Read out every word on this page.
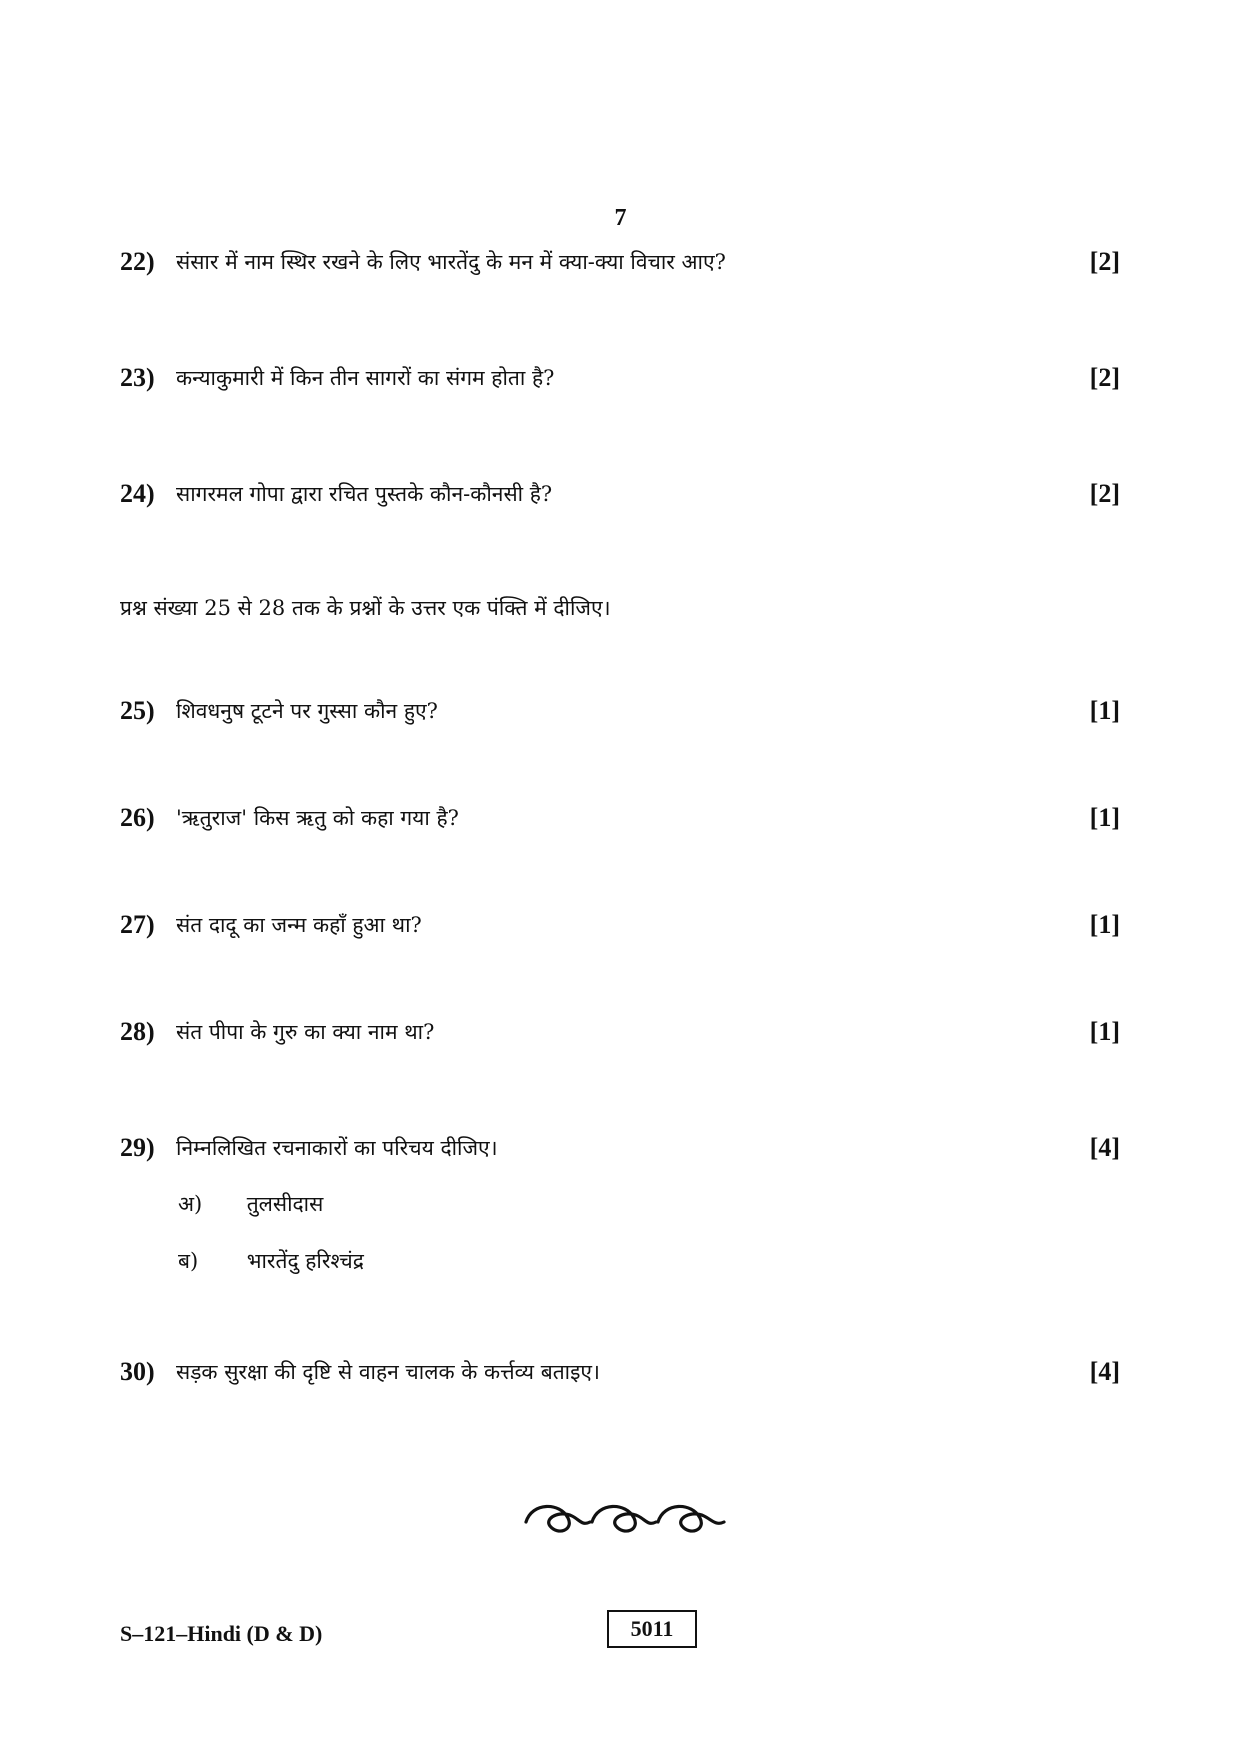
7
22) संसार में नाम स्थिर रखने के लिए भारतेंदु के मन में क्या-क्या विचार आए?	[2]
23) कन्याकुमारी में किन तीन सागरों का संगम होता है?	[2]
24) सागरमल गोपा द्वारा रचित पुस्तके कौन-कौनसी है?	[2]
प्रश्न संख्या 25 से 28 तक के प्रश्नों के उत्तर एक पंक्ति में दीजिए।
25) शिवधनुष टूटने पर गुस्सा कौन हुए?	[1]
26) 'ऋतुराज' किस ऋतु को कहा गया है?	[1]
27) संत दादू का जन्म कहाँ हुआ था?	[1]
28) संत पीपा के गुरु का क्या नाम था?	[1]
29) निम्नलिखित रचनाकारों का परिचय दीजिए।	[4]
अ) तुलसीदास
ब) भारतेंदु हरिश्चंद्र
30) सड़क सुरक्षा की दृष्टि से वाहन चालक के कर्त्तव्य बताइए।	[4]
S–121–Hindi (D & D)	5011
